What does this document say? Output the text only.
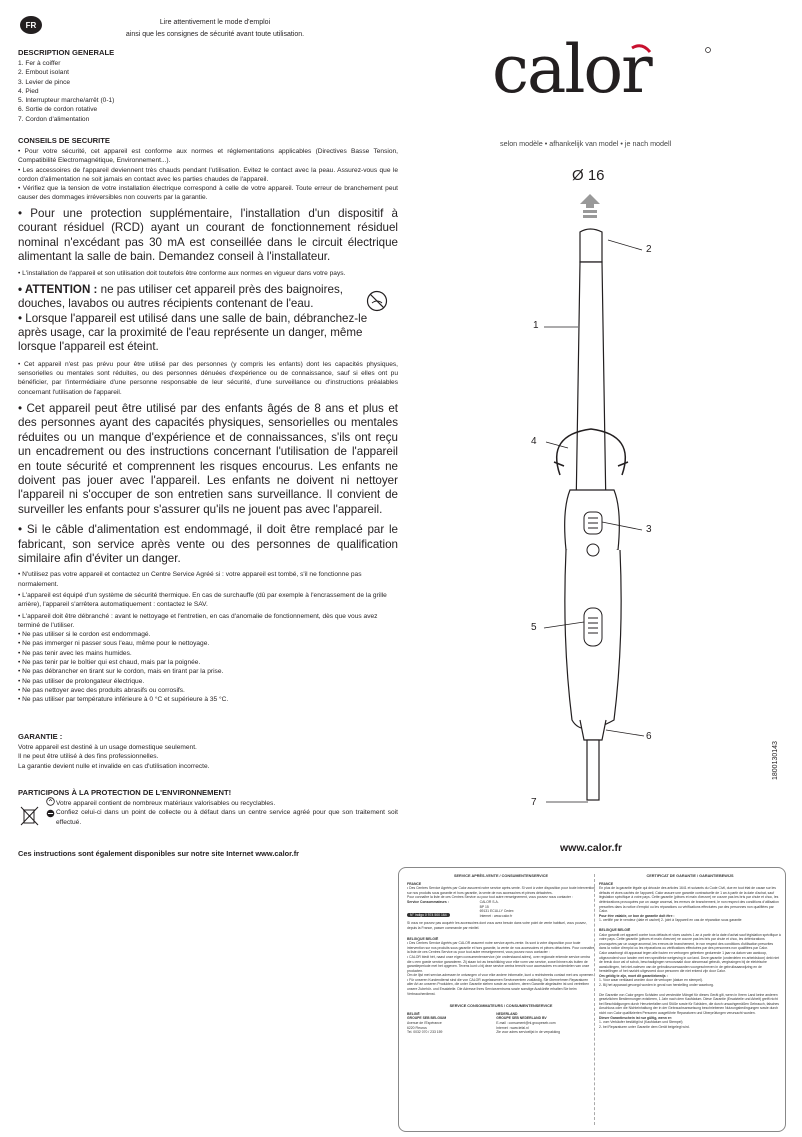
FR	Lire attentivement le mode d'emploi
ainsi que les consignes de sécurité avant toute utilisation.
DESCRIPTION GENERALE
1. Fer à coiffer
2. Embout isolant
3. Levier de pince
4. Pied
5. Interrupteur marche/arrêt (0-1)
6. Sortie de cordon rotative
7. Cordon d'alimentation
CONSEILS DE SECURITE
• Pour votre sécurité, cet appareil est conforme aux normes et réglementations applicables (Directives Basse Tension, Compatibilité Electromagnétique, Environnement...).
• Les accessoires de l'appareil deviennent très chauds pendant l'utilisation. Evitez le contact avec la peau. Assurez-vous que le cordon d'alimentation ne soit jamais en contact avec les parties chaudes de l'appareil.
• Vérifiez que la tension de votre installation électrique correspond à celle de votre appareil. Toute erreur de branchement peut causer des dommages irréversibles non couverts par la garantie.
• Pour une protection supplémentaire, l'installation d'un dispositif à courant résiduel (RCD) ayant un courant de fonctionnement résiduel nominal n'excédant pas 30 mA est conseillée dans le circuit électrique alimentant la salle de bain. Demandez conseil à l'installateur.
• L'installation de l'appareil et son utilisation doit toutefois être conforme aux normes en vigueur dans votre pays.
• ATTENTION : ne pas utiliser cet appareil près des baignoires, douches, lavabos ou autres récipients contenant de l'eau.
• Lorsque l'appareil est utilisé dans une salle de bain, débranchez-le après usage, car la proximité de l'eau représente un danger, même lorsque l'appareil est éteint.
• Cet appareil n'est pas prévu pour être utilisé par des personnes (y compris les enfants) dont les capacités physiques, sensorielles ou mentales sont réduites, ou des personnes dénuées d'expérience ou de connaissance, sauf si elles ont pu bénéficier, par l'intermédiaire d'une personne responsable de leur sécurité, d'une surveillance ou d'instructions préalables concernant l'utilisation de l'appareil.
• Cet appareil peut être utilisé par des enfants âgés de 8 ans et plus et des personnes ayant des capacités physiques, sensorielles ou mentales réduites ou un manque d'expérience et de connaissances, s'ils ont reçu un encadrement ou des instructions concernant l'utilisation de l'appareil en toute sécurité et comprennent les risques encourus. Les enfants ne doivent pas jouer avec l'appareil. Les enfants ne doivent ni nettoyer l'appareil ni s'occuper de son entretien sans surveillance. Il convient de surveiller les enfants pour s'assurer qu'ils ne jouent pas avec l'appareil.
• Si le câble d'alimentation est endommagé, il doit être remplacé par le fabricant, son service après vente ou des personnes de qualification similaire afin d'éviter un danger.
• N'utilisez pas votre appareil et contactez un Centre Service Agréé si : votre appareil est tombé, s'il ne fonctionne pas normalement.
• L'appareil est équipé d'un système de sécurité thermique. En cas de surchauffe (dû par exemple à l'encrassement de la grille arrière), l'appareil s'arrêtera automatiquement : contactez le SAV.
• L'appareil doit être débranché : avant le nettoyage et l'entretien, en cas d'anomalie de fonctionnement, dès que vous avez terminé de l'utiliser.
• Ne pas utiliser si le cordon est endommagé.
• Ne pas immerger ni passer sous l'eau, même pour le nettoyage.
• Ne pas tenir avec les mains humides.
• Ne pas tenir par le boîtier qui est chaud, mais par la poignée.
• Ne pas débrancher en tirant sur le cordon, mais en tirant par la prise.
• Ne pas utiliser de prolongateur électrique.
• Ne pas nettoyer avec des produits abrasifs ou corrosifs.
• Ne pas utiliser par température inférieure à 0 °C et supérieure à 35 °C.
GARANTIE :
Votre appareil est destiné à un usage domestique seulement.
Il ne peut être utilisé à des fins professionnelles.
La garantie devient nulle et invalide en cas d'utilisation incorrecte.
PARTICIPONS À LA PROTECTION DE L'ENVIRONNEMENT!
Votre appareil contient de nombreux matériaux valorisables ou recyclables.
Confiez celui-ci dans un point de collecte ou à défaut dans un centre service agréé pour que son traitement soit effectué.
Ces instructions sont également disponibles sur notre site Internet www.calor.fr
calor
selon modèle • afhankelijk van model • je nach modell
Ø 16
1
2
3
4
5
6
7
www.calor.fr
1800130143
SERVICE APRÈS-VENTE / CONSUMENTENSERVICE
FRANCE
• Des Centres Service Agréés par Calor assurent notre service après-vente. Si vont à votre disposition pour toute intervention sur nos produits sous garantie et hors garantie, la vente de nos accessoires et pièces détachées.
Pour connaître la liste de ces Centres Service ou pour tout autre renseignement, vous pouvez nous contacter :
Service Consommateurs :
N° Indigo 0 974 500 164
CALOR S.A.
BP 15
69131 ECULLY Cedex
Internet : www.calor.fr
Si vous ne pouvez pas acquérir les accessoires dont vous avez besoin dans votre point de vente habituel, vous pouvez, depuis la France, passer commande par minitel.
BELGIQUE BELGIË
• Des Centres Service Agréés par CALOR assurent notre service après-vente. Ils sont à votre disposition pour toute intervention sur nos produits sous garantie et hors garantie, la vente de nos accessoires et pièces détachées. Pour connaître la liste de ces Centres Service ou pour tout autre renseignement, vous pouvez nous contacter :
• CALOR biedt hét, naast onze eigen consumentenservice (zie onderstaand adres), over regionale erkende service centra die u een goede service garanderen. Zij staan tot uw beschikking voor elke vorm van service, zowel binnen als buiten de garantieperiode met het opgeven. Tevens kunt u bij deze service centra terecht voor accessoires en onderdelen van onze producten.
Om de lijst met service-adressen te ontvangen of voor elke andere informatie, kunt u rechtstreeks contact met ons opnemen.
• Für unseren Kundendienst sind die von CALOR zugelassenen Servicezentren zuständig. Sie übernehmen Reparaturen aller Art an unseren Produkten, die unter Garantie stehen sowie an solchen, deren Garantie abgelaufen ist und vertreiben unsere Zubehör- und Ersatzteile. Die Adresse Ihres Servicezentrums sowie sonstige Auskünfte erhalten Sie beim Verbraucherdienst.
SERVICE CONSOMMATEURS / CONSUMENTENSERVICE
BELGIË
GROUPE SEB BELGIUM
Avenue de l'Espérance
6220 Fleurus
Tel. 0032 070 / 233 159
NEDERLAND
GROUPE SEB NEDERLAND BV
E-mail : consument@nl.groupeseb.com
Internet : www.tefal.nl
Zie voor adres servicelijst in de verpakking
CERTIFICAT DE GARANTIE / GARANTIEBEWIJS
FRANCE
En plus de la garantie légale qui découle des articles 1641 et suivants du Code Civil, due en tout état de cause sur les défauts et vices cachés de l'appareil, Calor assure une garantie contractuelle de 1 an à partir de la date d'achat, sauf législation spécifique à votre pays. Cette garantie (pièces et main d'œuvre) ne couvre pas les bris par chute et choc, les détériorations provoquées par un usage anormal, les erreurs de branchement, le non respect des conditions d'utilisation prescrites dans la notice d'emploi ou les réparations ou vérifications effectuées par des personnes non qualifiées par Calor.
Pour être valable, ce bon de garantie doit être :
1- certifié par le vendeur (date et cachet) 2- joint à l'appareil en cas de réparation sous garantie
BELGIQUE BELGIË
Calor garantit cet appareil contre tous défauts et vices cachés 1 an à partir de la date d'achat sauf législation spécifique à votre pays. Cette garantie (pièces et main d'œuvre) ne couvre pas les bris par chute et choc, les détériorations provoquées par un usage anormal, les erreurs de branchement, le non respect des conditions d'utilisation prescrites dans la notice d'emploi ou les réparations ou vérifications effectuées par des personnes non qualifiées par Calor.
Calor waarborgt dit apparaat tegen alle fouten en verborgen gebreken gedurende 1 jaar na datum van aankoop, uitgezonderd voor landen met een specifieke wetgeving in uw land. Deze garantie (onderdelen en arbeidsloon) dekt niet de breuk door val of schok, beschadigingen veroorzaakt door abnormaal gebruik, vergissingen bij de elektrische aansluitingen, het niet-naleven van de gebruiksvoorwaarden voorgeschreven in de gebruiksaanwijzing en de herstellingen of het nazicht uitgevoerd door personen die niet erkend zijn door Calor.
Om geldig te zijn, moet dit garantiebewijs :
1- Voor waar verklaard worden door de verkoper (datum en stempel).
2- Bij het apparaat gevoegd worden in geval van herstelling onder waarborg.
Die Garantie von Calor gegen Schäden und versteckte Mängel für dieses Gerät gilt, wenn in Ihrem Land keine anderen gesetzlichen Bestimmungen existieren, 1 Jahr nach dem Kaufdatum. Diese Garantie (Ersatzteile und Arbeit) greift nicht bei Beschädigungen durch Herunterfallen und Stöße sowie für Schäden, die durch unsachgemäßen Gebrauch, falsches Anschluss oder die Nichteinhaltung der in der Gebrauchsanweisung beschriebenen Nutzungsbedingungen sowie durch nicht von Calor qualifizierten Personen ausgeführte Reparaturen und Überprüfungen verursacht wurden.
Dieser Garantieschein ist nur gültig, wenn er:
1- vom Verkäufer bestätigt ist (Kaufdatum und Stempel)
2- bei Reparaturen unter Garantie dem Gerät beigelegt wird.
